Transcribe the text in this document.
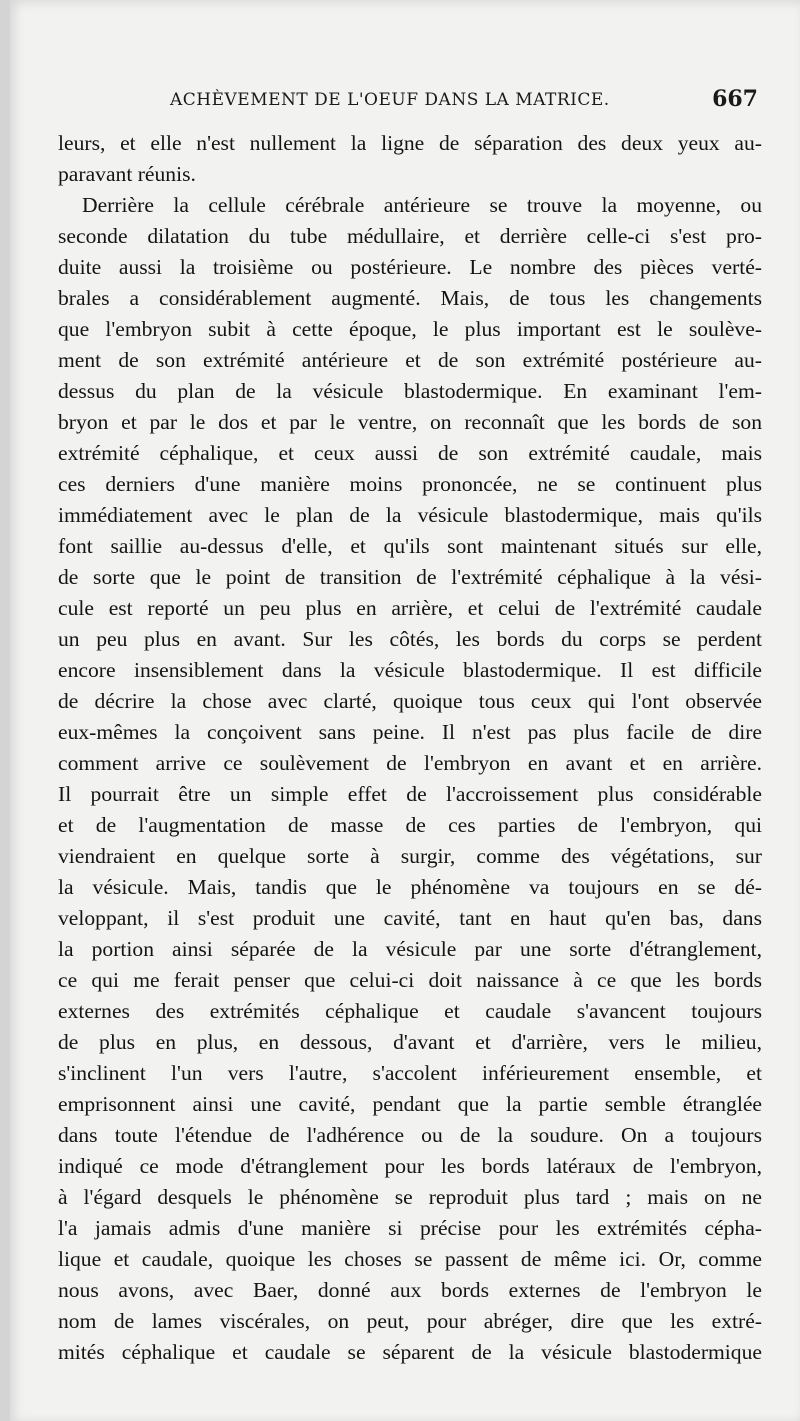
ACHÈVEMENT DE L'OEUF DANS LA MATRICE.	667
leurs, et elle n'est nullement la ligne de séparation des deux yeux au-
paravant réunis.
Derrière la cellule cérébrale antérieure se trouve la moyenne, ou
seconde dilatation du tube médullaire, et derrière celle-ci s'est pro-
duite aussi la troisième ou postérieure. Le nombre des pièces verté-
brales a considérablement augmenté. Mais, de tous les changements
que l'embryon subit à cette époque, le plus important est le soulève-
ment de son extrémité antérieure et de son extrémité postérieure au-
dessus du plan de la vésicule blastodermique. En examinant l'em-
bryon et par le dos et par le ventre, on reconnaît que les bords de son
extrémité céphalique, et ceux aussi de son extrémité caudale, mais
ces derniers d'une manière moins prononcée, ne se continuent plus
immédiatement avec le plan de la vésicule blastodermique, mais qu'ils
font saillie au-dessus d'elle, et qu'ils sont maintenant situés sur elle,
de sorte que le point de transition de l'extrémité céphalique à la vési-
cule est reporté un peu plus en arrière, et celui de l'extrémité caudale
un peu plus en avant. Sur les côtés, les bords du corps se perdent
encore insensiblement dans la vésicule blastodermique. Il est difficile
de décrire la chose avec clarté, quoique tous ceux qui l'ont observée
eux-mêmes la conçoivent sans peine. Il n'est pas plus facile de dire
comment arrive ce soulèvement de l'embryon en avant et en arrière.
Il pourrait être un simple effet de l'accroissement plus considérable
et de l'augmentation de masse de ces parties de l'embryon, qui
viendraient en quelque sorte à surgir, comme des végétations, sur
la vésicule. Mais, tandis que le phénomène va toujours en se dé-
veloppant, il s'est produit une cavité, tant en haut qu'en bas, dans
la portion ainsi séparée de la vésicule par une sorte d'étranglement,
ce qui me ferait penser que celui-ci doit naissance à ce que les bords
externes des extrémités céphalique et caudale s'avancent toujours
de plus en plus, en dessous, d'avant et d'arrière, vers le milieu,
s'inclinent l'un vers l'autre, s'accolent inférieurement ensemble, et
emprisonnent ainsi une cavité, pendant que la partie semble étranglée
dans toute l'étendue de l'adhérence ou de la soudure. On a toujours
indiqué ce mode d'étranglement pour les bords latéraux de l'embryon,
à l'égard desquels le phénomène se reproduit plus tard ; mais on ne
l'a jamais admis d'une manière si précise pour les extrémités cépha-
lique et caudale, quoique les choses se passent de même ici. Or, comme
nous avons, avec Baer, donné aux bords externes de l'embryon le
nom de lames viscérales, on peut, pour abréger, dire que les extré-
mités céphalique et caudale se séparent de la vésicule blastodermique
